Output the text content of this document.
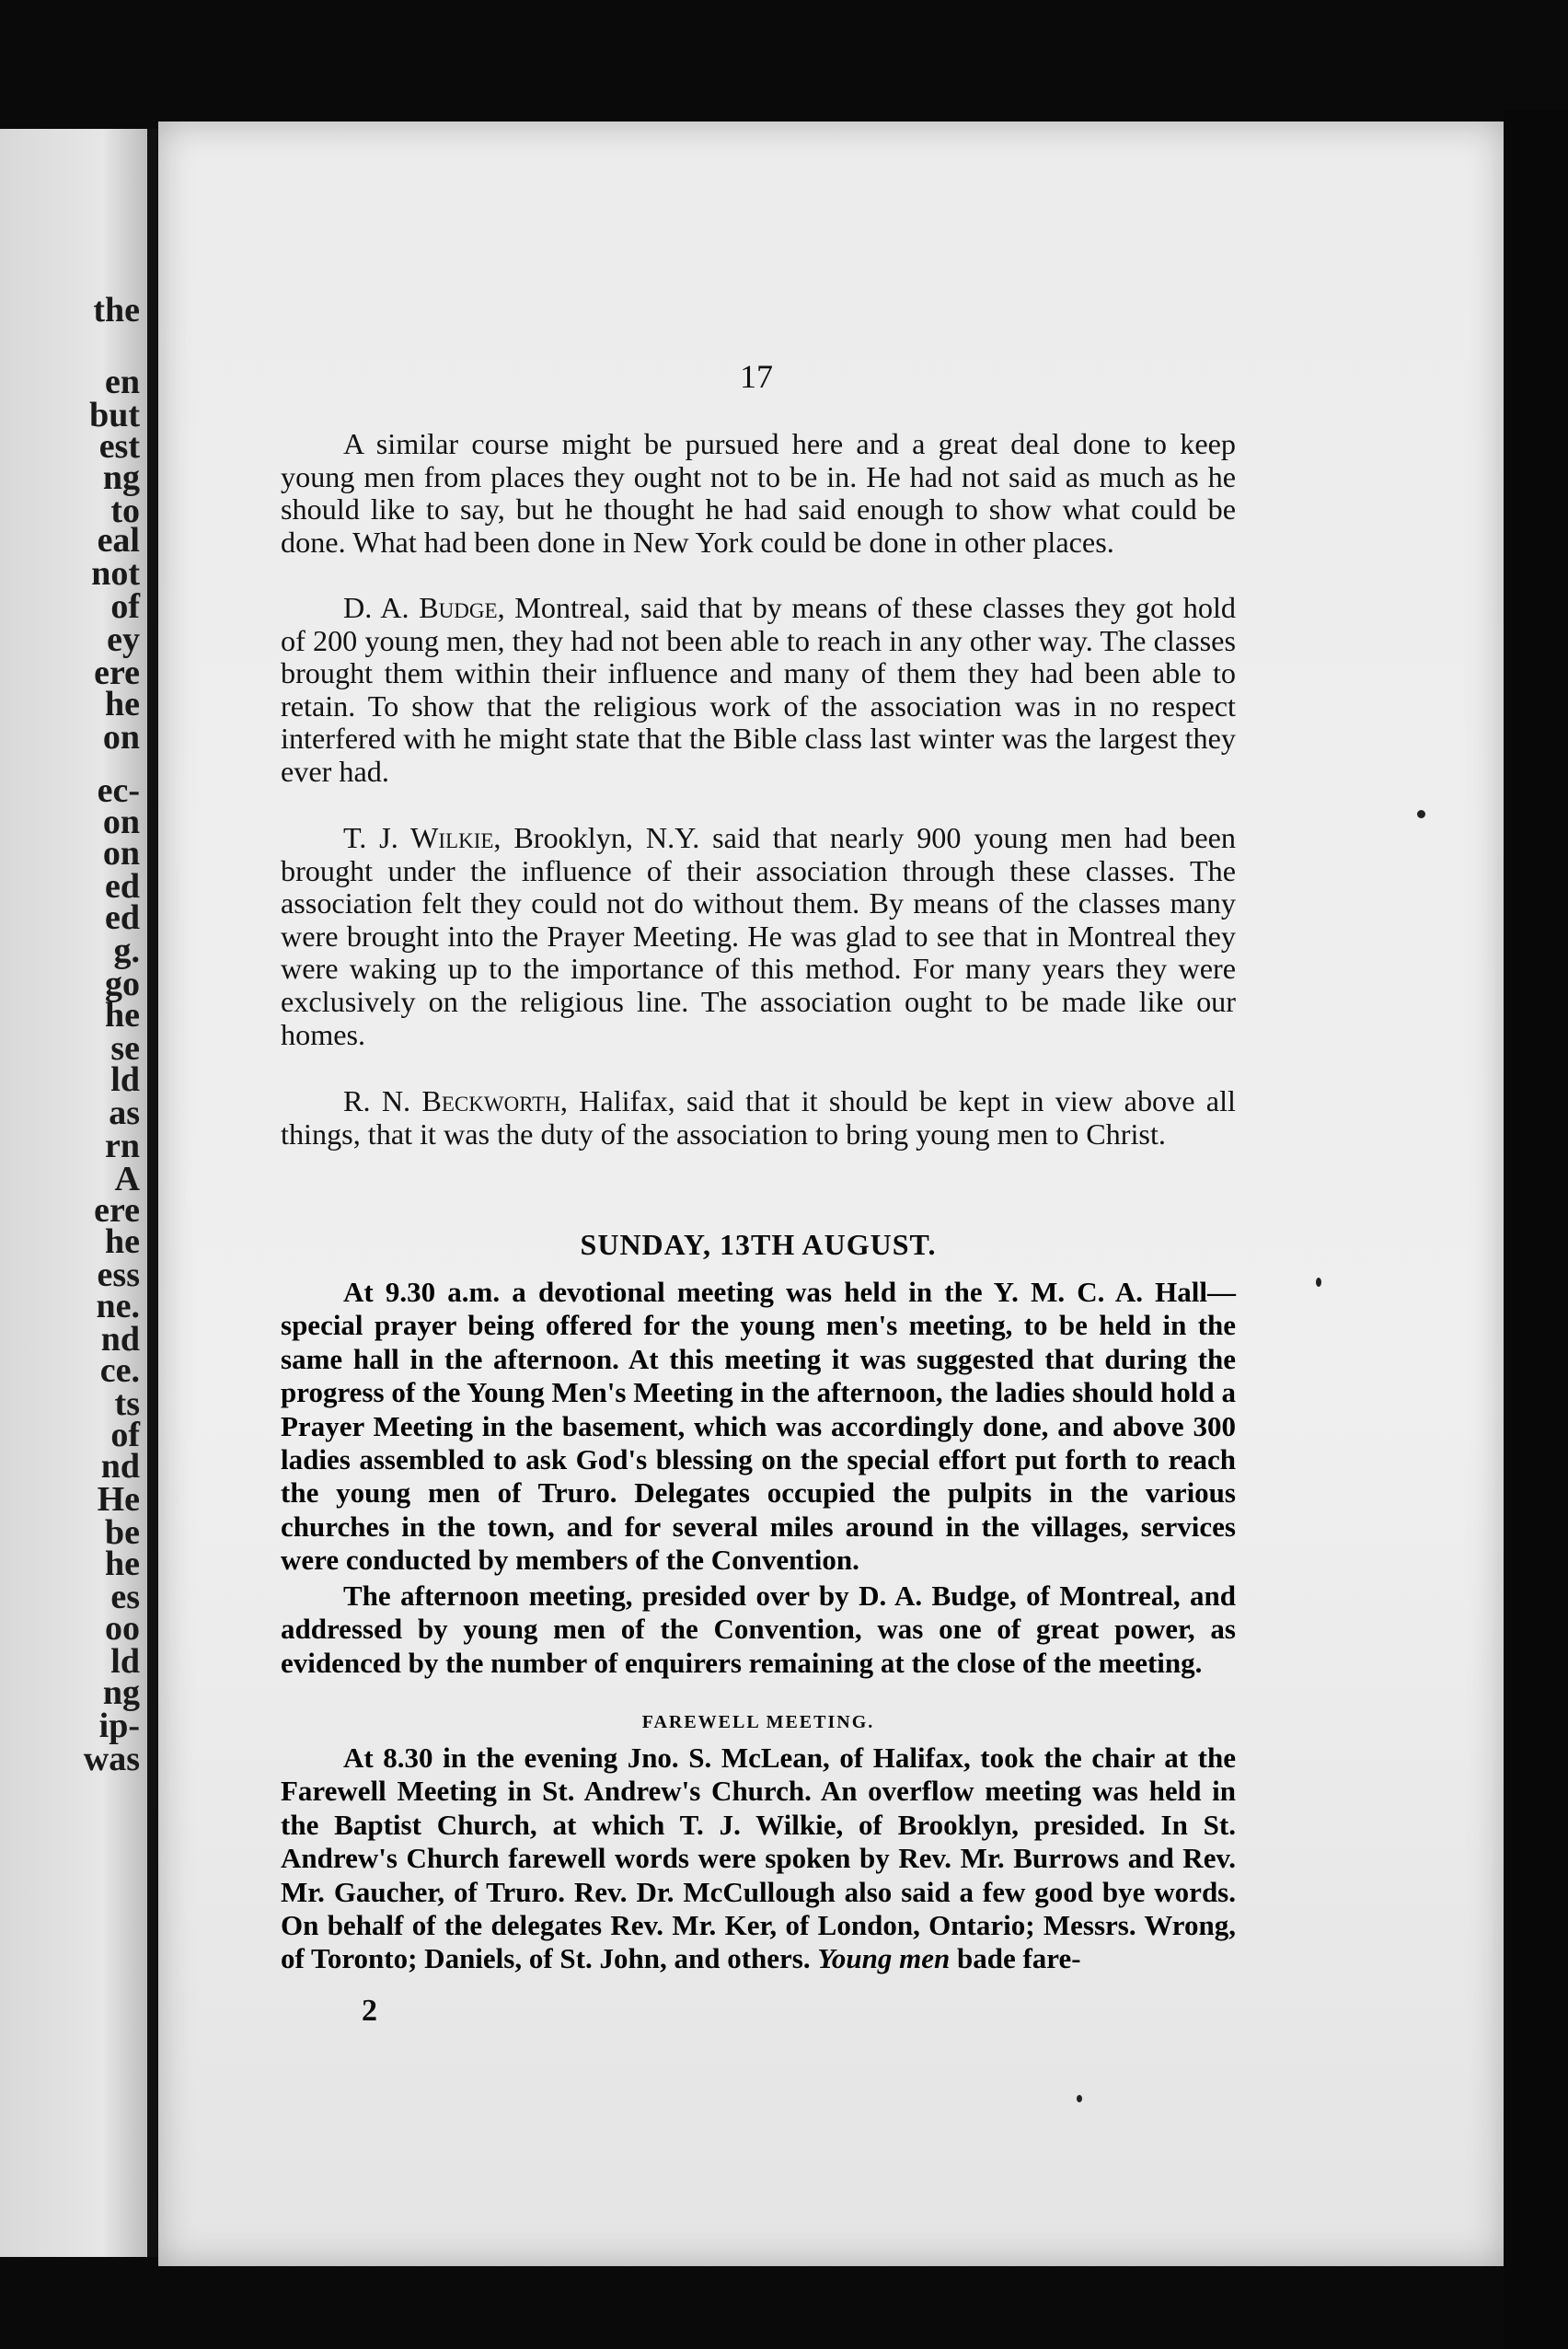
the
en
but
est
ng
to
eal
not
of
ey
ere
he
on
ec-
on
on
ed
ed
g.
go
he
se
ld
as
rn
A
ere
he
ess
ne.
nd
ce.
ts
of
nd
He
be
he
es
oo
ld
ng
ip-
was
17

A similar course might be pursued here and a great deal done to keep young men from places they ought not to be in. He had not said as much as he should like to say, but he thought he had said enough to show what could be done. What had been done in New York could be done in other places.

D. A. Budge, Montreal, said that by means of these classes they got hold of 200 young men, they had not been able to reach in any other way. The classes brought them within their influence and many of them they had been able to retain. To show that the religious work of the association was in no respect interfered with he might state that the Bible class last winter was the largest they ever had.

T. J. Wilkie, Brooklyn, N.Y. said that nearly 900 young men had been brought under the influence of their association through these classes. The association felt they could not do without them. By means of the classes many were brought into the Prayer Meeting. He was glad to see that in Montreal they were waking up to the importance of this method. For many years they were exclusively on the religious line. The association ought to be made like our homes.

R. N. Beckworth, Halifax, said that it should be kept in view above all things, that it was the duty of the association to bring young men to Christ.

SUNDAY, 13TH AUGUST.

At 9.30 a.m. a devotional meeting was held in the Y. M. C. A. Hall—special prayer being offered for the young men's meeting, to be held in the same hall in the afternoon. At this meeting it was suggested that during the progress of the Young Men's Meeting in the afternoon, the ladies should hold a Prayer Meeting in the basement, which was accordingly done, and above 300 ladies assembled to ask God's blessing on the special effort put forth to reach the young men of Truro. Delegates occupied the pulpits in the various churches in the town, and for several miles around in the villages, services were conducted by members of the Convention.

The afternoon meeting, presided over by D. A. Budge, of Montreal, and addressed by young men of the Convention, was one of great power, as evidenced by the number of enquirers remaining at the close of the meeting.

FAREWELL MEETING.

At 8.30 in the evening Jno. S. McLean, of Halifax, took the chair at the Farewell Meeting in St. Andrew's Church. An overflow meeting was held in the Baptist Church, at which T. J. Wilkie, of Brooklyn, presided. In St. Andrew's Church farewell words were spoken by Rev. Mr. Burrows and Rev. Mr. Gaucher, of Truro. Rev. Dr. McCullough also said a few good bye words. On behalf of the delegates Rev. Mr. Ker, of London, Ontario; Messrs. Wrong, of Toronto; Daniels, of St. John, and others. Young men bade fare-

2
